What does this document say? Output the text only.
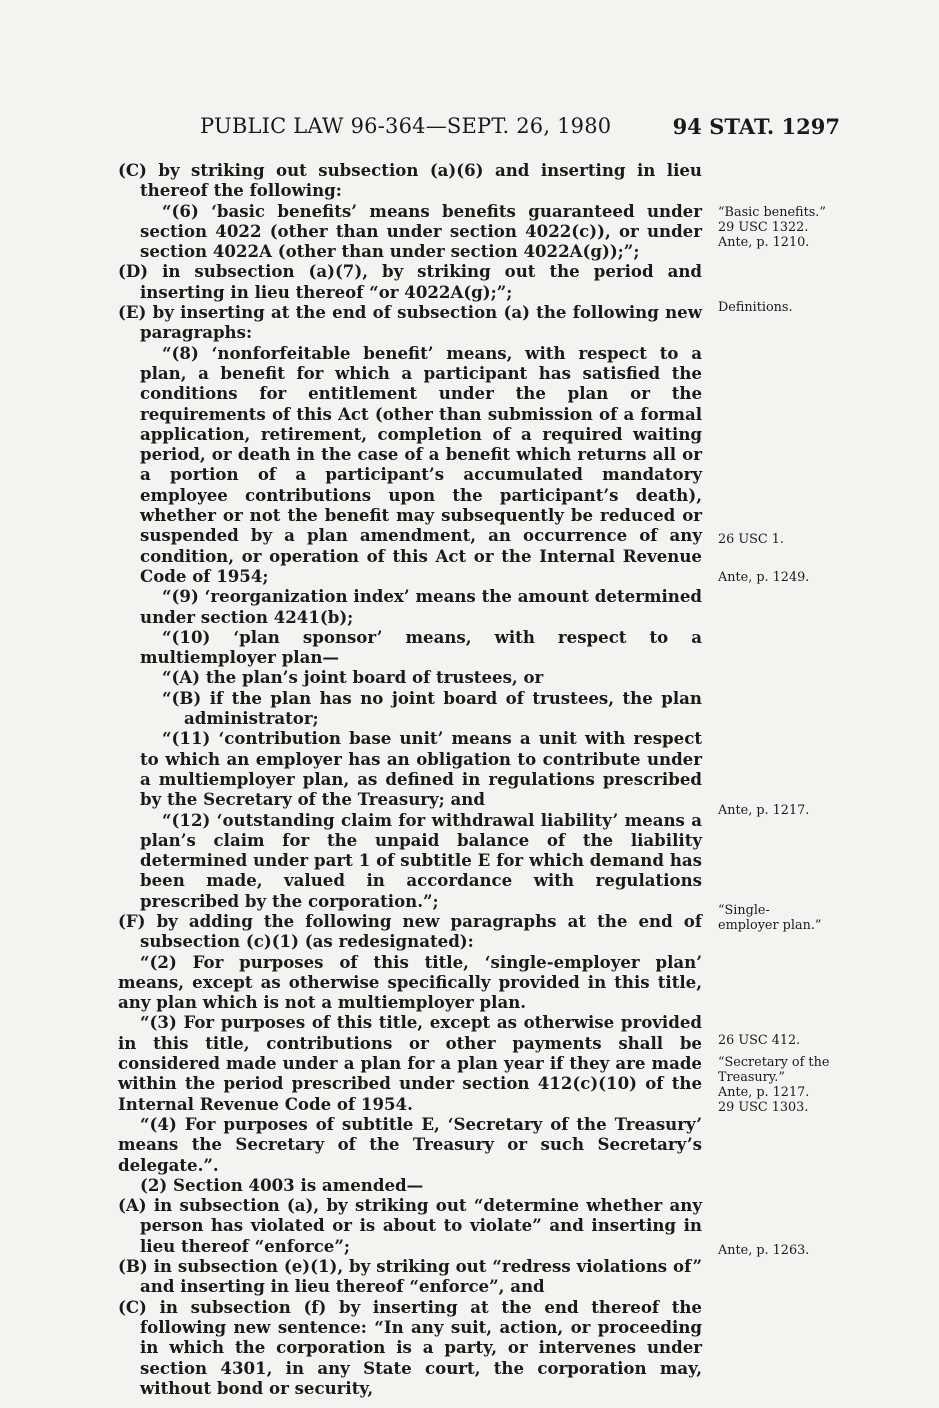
PUBLIC LAW 96-364—SEPT. 26, 1980	94 STAT. 1297

(C) by striking out subsection (a)(6) and inserting in lieu thereof the following:

“(6) ‘basic benefits’ means benefits guaranteed under section 4022 (other than under section 4022(c)), or under section 4022A (other than under section 4022A(g));”;

(D) in subsection (a)(7), by striking out the period and inserting in lieu thereof “or 4022A(g);”;

(E) by inserting at the end of subsection (a) the following new paragraphs:

“(8) ‘nonforfeitable benefit’ means, with respect to a plan, a benefit for which a participant has satisfied the conditions for entitlement under the plan or the requirements of this Act (other than submission of a formal application, retirement, completion of a required waiting period, or death in the case of a benefit which returns all or a portion of a participant’s accumulated mandatory employee contributions upon the participant’s death), whether or not the benefit may subsequently be reduced or suspended by a plan amendment, an occurrence of any condition, or operation of this Act or the Internal Revenue Code of 1954;

“(9) ‘reorganization index’ means the amount determined under section 4241(b);

“(10) ‘plan sponsor’ means, with respect to a multiemployer plan—

“(A) the plan’s joint board of trustees, or

“(B) if the plan has no joint board of trustees, the plan administrator;

“(11) ‘contribution base unit’ means a unit with respect to which an employer has an obligation to contribute under a multiemployer plan, as defined in regulations prescribed by the Secretary of the Treasury; and

“(12) ‘outstanding claim for withdrawal liability’ means a plan’s claim for the unpaid balance of the liability determined under part 1 of subtitle E for which demand has been made, valued in accordance with regulations prescribed by the corporation.”;

(F) by adding the following new paragraphs at the end of subsection (c)(1) (as redesignated):

“(2) For purposes of this title, ‘single-employer plan’ means, except as otherwise specifically provided in this title, any plan which is not a multiemployer plan.

“(3) For purposes of this title, except as otherwise provided in this title, contributions or other payments shall be considered made under a plan for a plan year if they are made within the period prescribed under section 412(c)(10) of the Internal Revenue Code of 1954.

“(4) For purposes of subtitle E, ‘Secretary of the Treasury’ means the Secretary of the Treasury or such Secretary’s delegate.”.

(2) Section 4003 is amended—

(A) in subsection (a), by striking out “determine whether any person has violated or is about to violate” and inserting in lieu thereof “enforce”;

(B) in subsection (e)(1), by striking out “redress violations of” and inserting in lieu thereof “enforce”, and

(C) in subsection (f) by inserting at the end thereof the following new sentence: “In any suit, action, or proceeding in which the corporation is a party, or intervenes under section 4301, in any State court, the corporation may, without bond or security,

“Basic benefits.”
29 USC 1322.
Ante, p. 1210.
Definitions.
26 USC 1.
Ante, p. 1249.
Ante, p. 1217.
“Single-employer plan.”
26 USC 412.
“Secretary of the Treasury.”
Ante, p. 1217.
29 USC 1303.
Ante, p. 1263.
